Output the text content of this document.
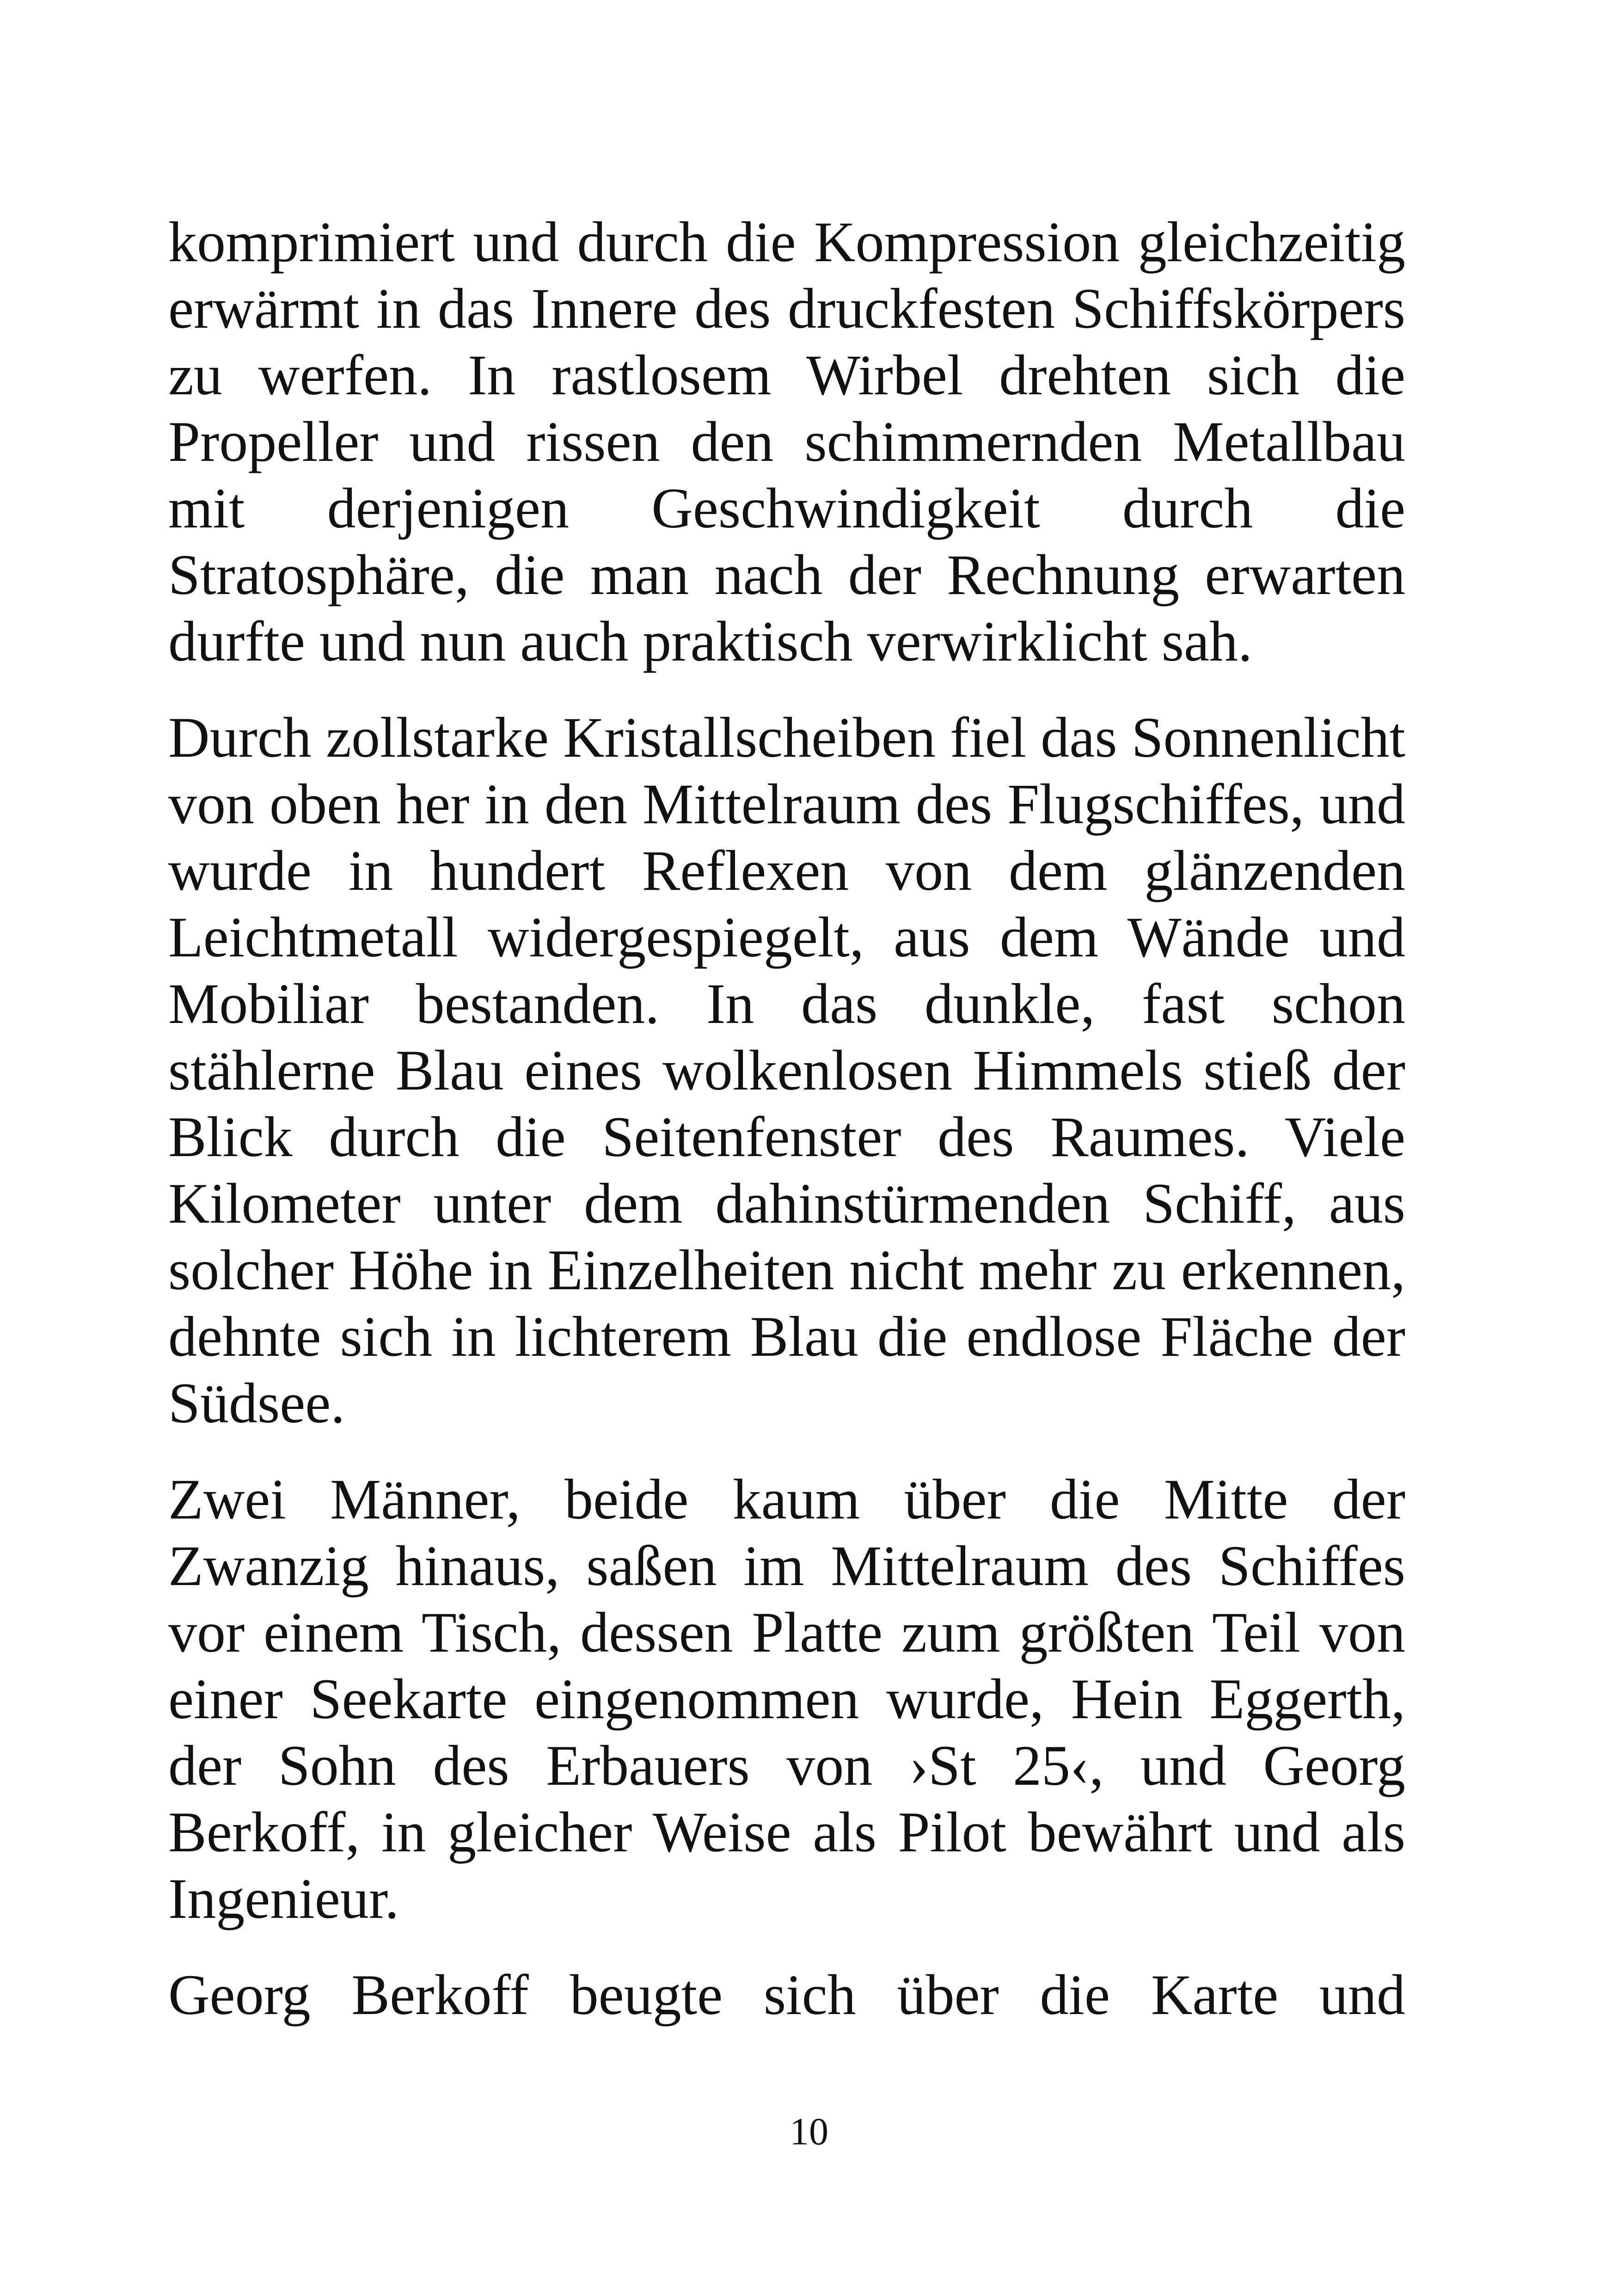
komprimiert und durch die Kompression gleichzeitig erwärmt in das Innere des druckfesten Schiffskörpers zu werfen. In rastlosem Wirbel drehten sich die Propeller und rissen den schimmernden Metallbau mit derjenigen Geschwindigkeit durch die Stratosphäre, die man nach der Rechnung erwarten durfte und nun auch praktisch verwirklicht sah.

Durch zollstarke Kristallscheiben fiel das Sonnenlicht von oben her in den Mittelraum des Flugschiffes, und wurde in hundert Reflexen von dem glänzenden Leichtmetall widergespiegelt, aus dem Wände und Mobiliar bestanden. In das dunkle, fast schon stählerne Blau eines wolkenlosen Himmels stieß der Blick durch die Seitenfenster des Raumes. Viele Kilometer unter dem dahinstürmenden Schiff, aus solcher Höhe in Einzelheiten nicht mehr zu erkennen, dehnte sich in lichterem Blau die endlose Fläche der Südsee.

Zwei Männer, beide kaum über die Mitte der Zwanzig hinaus, saßen im Mittelraum des Schiffes vor einem Tisch, dessen Platte zum größten Teil von einer Seekarte eingenommen wurde, Hein Eggerth, der Sohn des Erbauers von ›St 25‹, und Georg Berkoff, in gleicher Weise als Pilot bewährt und als Ingenieur.

Georg Berkoff beugte sich über die Karte und

10
